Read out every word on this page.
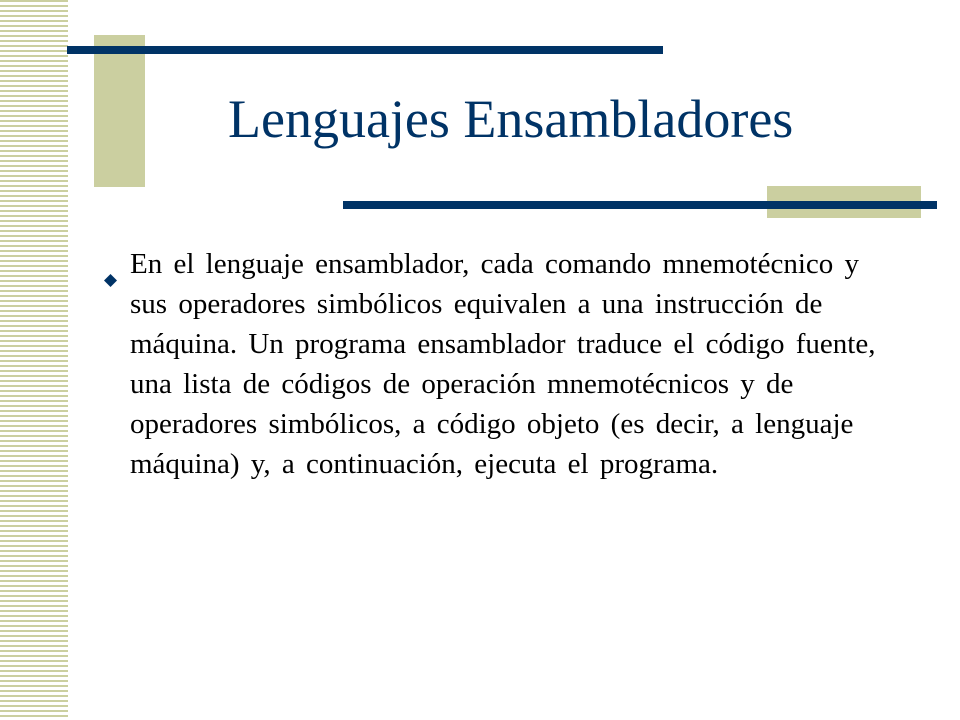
Lenguajes Ensambladores
En el lenguaje ensamblador, cada comando mnemotécnico y sus operadores simbólicos equivalen a una instrucción de máquina. Un programa ensamblador traduce el código fuente, una lista de códigos de operación mnemotécnicos y de operadores simbólicos, a código objeto (es decir, a lenguaje máquina) y, a continuación, ejecuta el programa.
